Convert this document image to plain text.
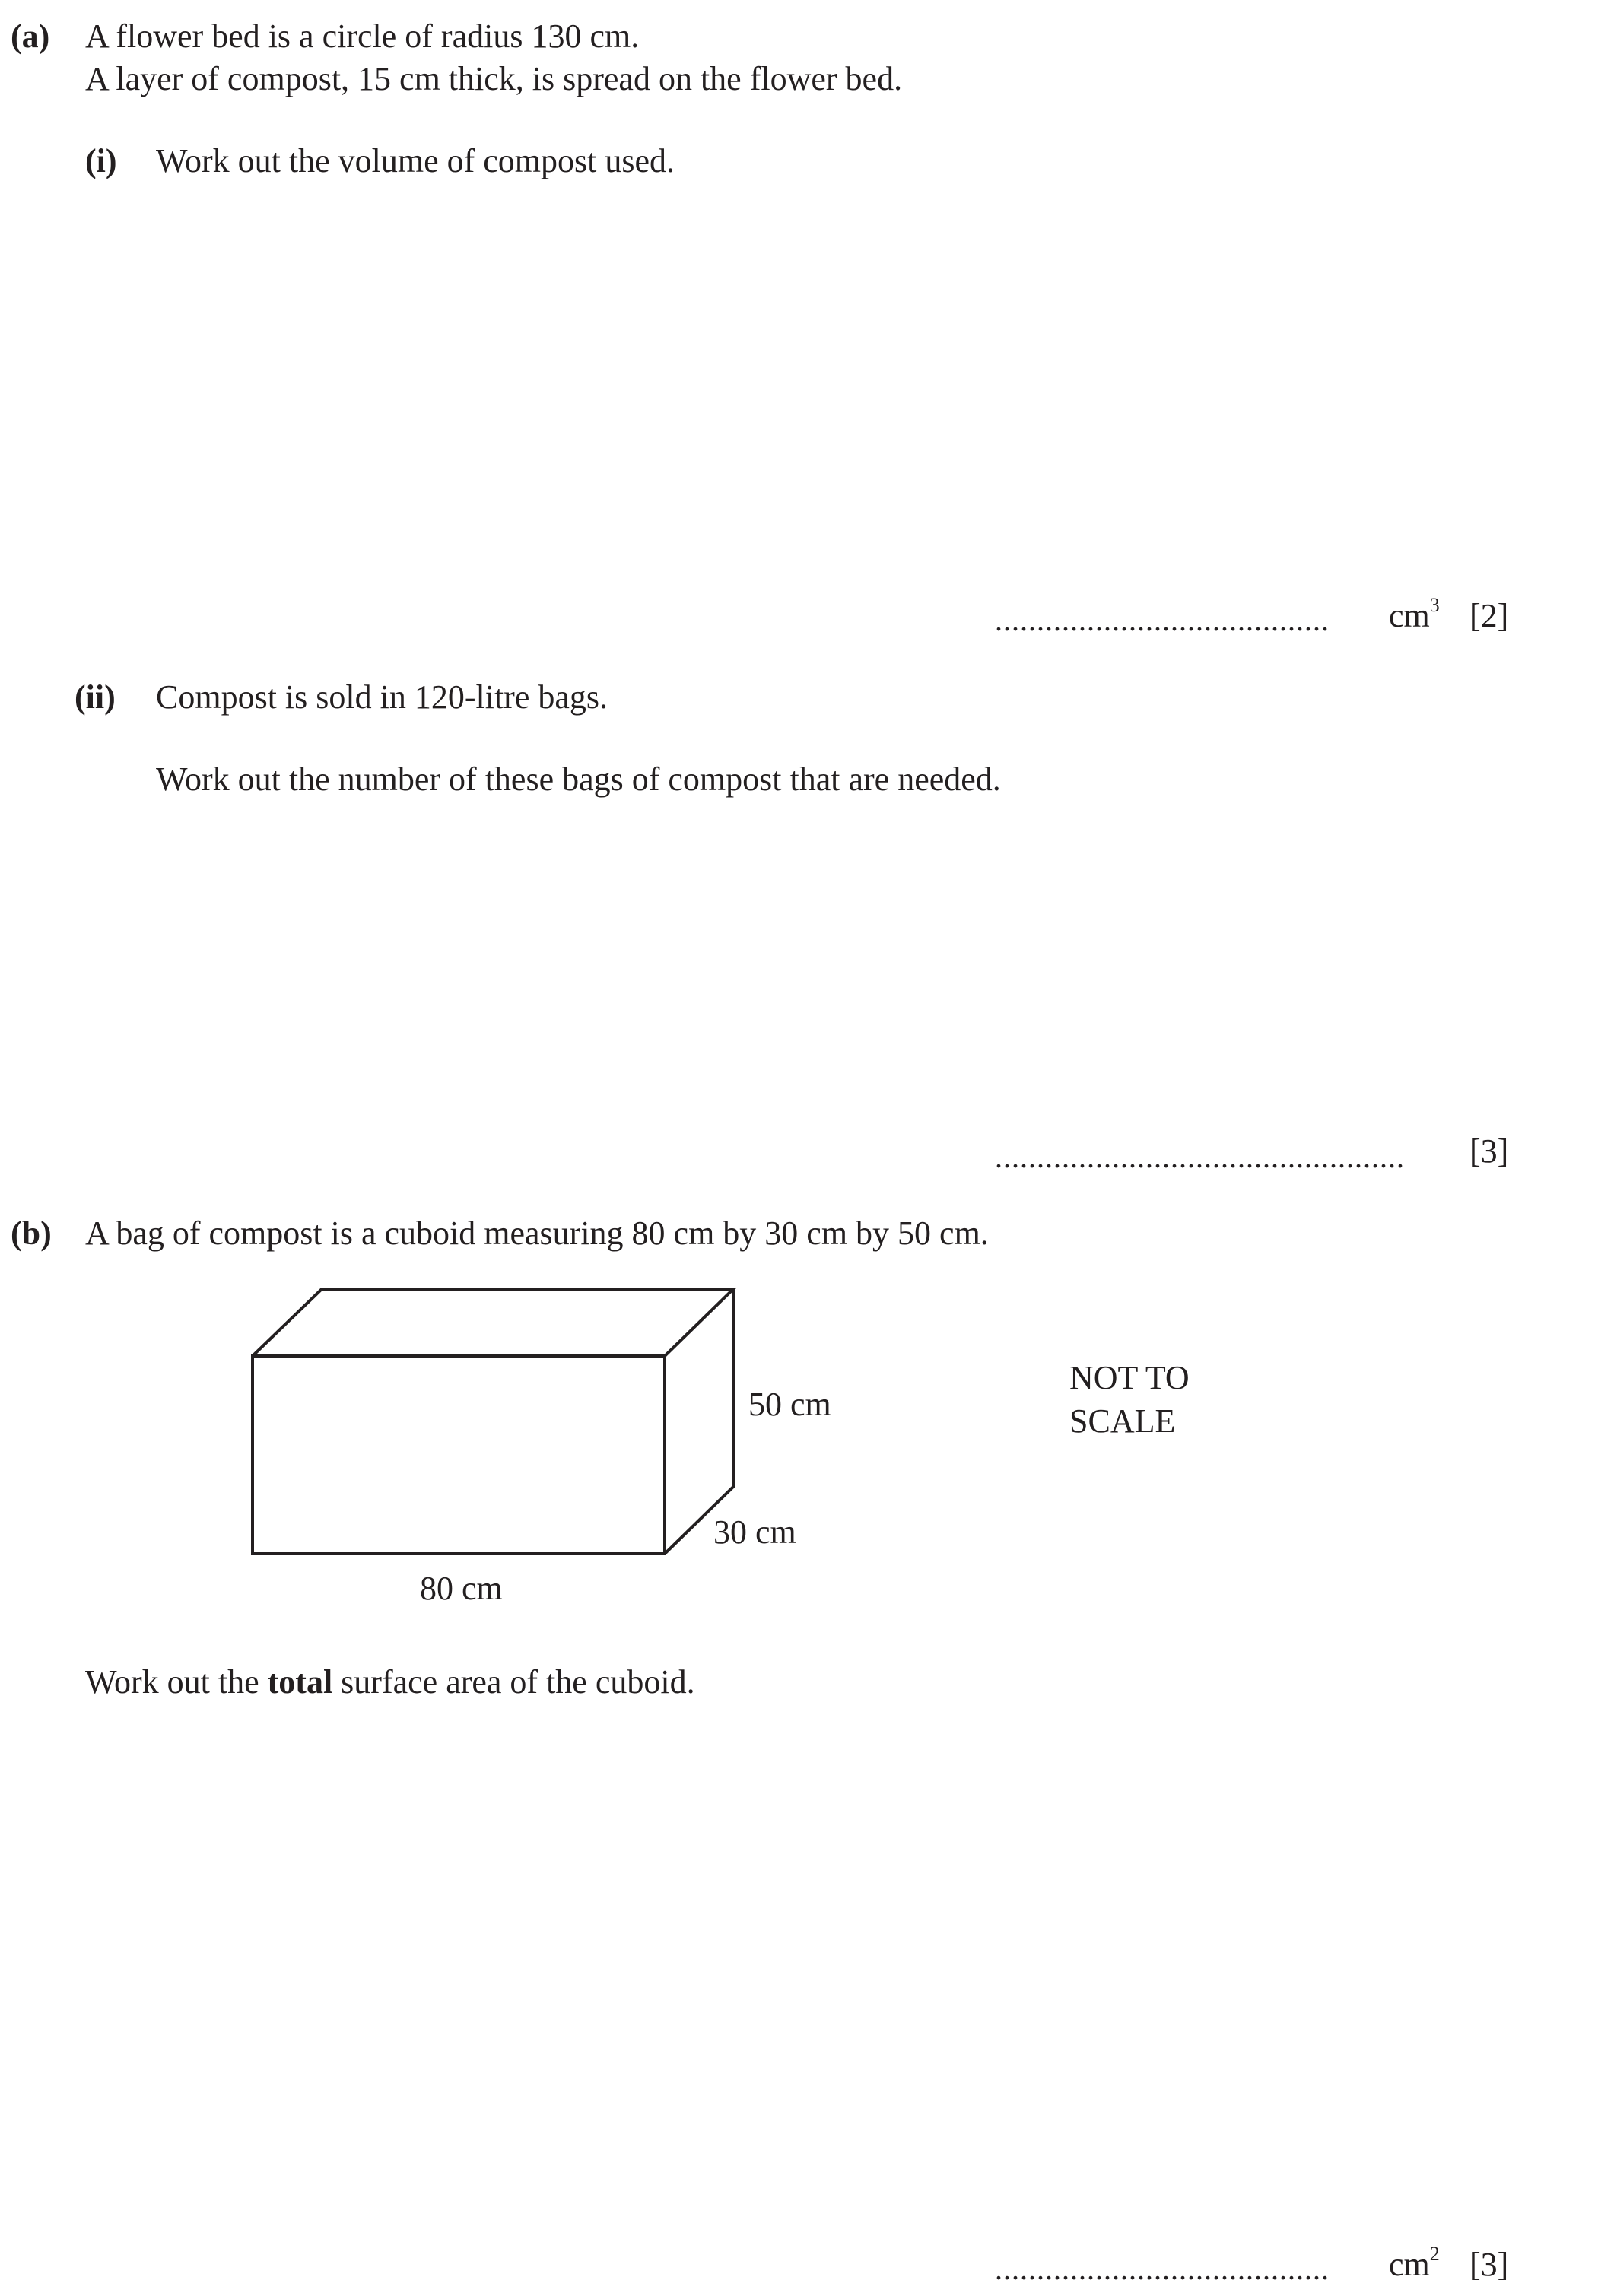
(a) A flower bed is a circle of radius 130 cm.
A layer of compost, 15 cm thick, is spread on the flower bed.
(i) Work out the volume of compost used.
........................................ $cm^3$ [2]
(ii) Compost is sold in 120-litre bags.
Work out the number of these bags of compost that are needed.
................................................. [3]
(b) A bag of compost is a cuboid measuring 80 cm by 30 cm by 50 cm.
50 cm
30 cm
80 cm
NOT TO
SCALE
Work out the total surface area of the cuboid.
........................................ $cm^2$ [3]
